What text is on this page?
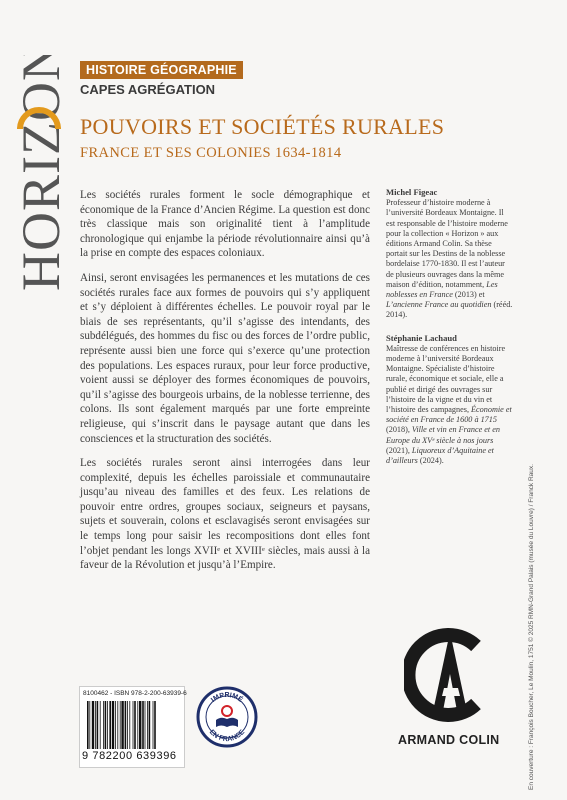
HORIZON	HISTOIRE GÉOGRAPHIE
CAPES AGRÉGATION
POUVOIRS ET SOCIÉTÉS RURALES
FRANCE ET SES COLONIES 1634-1814

Les sociétés rurales forment le socle démographique et économique de la France d’Ancien Régime. La question est donc très classique mais son originalité tient à l’amplitude chronologique qui enjambe la période révolutionnaire ainsi qu’à la prise en compte des espaces coloniaux.

Ainsi, seront envisagées les permanences et les mutations de ces sociétés rurales face aux formes de pouvoirs qui s’y appliquent et s’y déploient à différentes échelles. Le pouvoir royal par le biais de ses représentants, qu’il s’agisse des intendants, des subdélégués, des hommes du fisc ou des forces de l’ordre public, représente aussi bien une force qui s’exerce qu’une protection des populations. Les espaces ruraux, pour leur force productive, voient aussi se déployer des formes économiques de pouvoirs, qu’il s’agisse des bourgeois urbains, de la noblesse terrienne, des colons. Ils sont également marqués par une forte empreinte religieuse, qui s’inscrit dans le paysage autant que dans les consciences et la structuration des sociétés.

Les sociétés rurales seront ainsi interrogées dans leur complexité, depuis les échelles paroissiale et communautaire jusqu’au niveau des familles et des feux. Les relations de pouvoir entre ordres, groupes sociaux, seigneurs et paysans, sujets et souverain, colons et esclavagisés seront envisagées sur le temps long pour saisir les recompositions dont elles font l’objet pendant les longs XVIIᵉ et XVIIIᵉ siècles, mais aussi à la faveur de la Révolution et jusqu’à l’Empire.

Michel Figeac
Professeur d’histoire moderne à l’université Bordeaux Montaigne. Il est responsable de l’histoire moderne pour la collection « Horizon » aux éditions Armand Colin. Sa thèse portait sur les Destins de la noblesse bordelaise 1770-1830. Il est l’auteur de plusieurs ouvrages dans la même maison d’édition, notamment, Les noblesses en France (2013) et L’ancienne France au quotidien (rééd. 2014).
Stéphanie Lachaud
Maîtresse de conférences en histoire moderne à l’université Bordeaux Montaigne. Spécialiste d’histoire rurale, économique et sociale, elle a publié et dirigé des ouvrages sur l’histoire de la vigne et du vin et l’histoire des campagnes, Économie et société en France de 1600 à 1715 (2018), Ville et vin en France et en Europe du XVᵉ siècle à nos jours (2021), Liquoreux d’Aquitaine et d’ailleurs (2024).
En couverture : François Boucher, Le Moulin, 1751 © 2025 RMN-Grand Palais (musée du Louvre) / Franck Raux.
8100462 - ISBN 978-2-200-63939-6
9 782200 639396
IMPRIMÉ
EN FRANCE
ARMAND COLIN
